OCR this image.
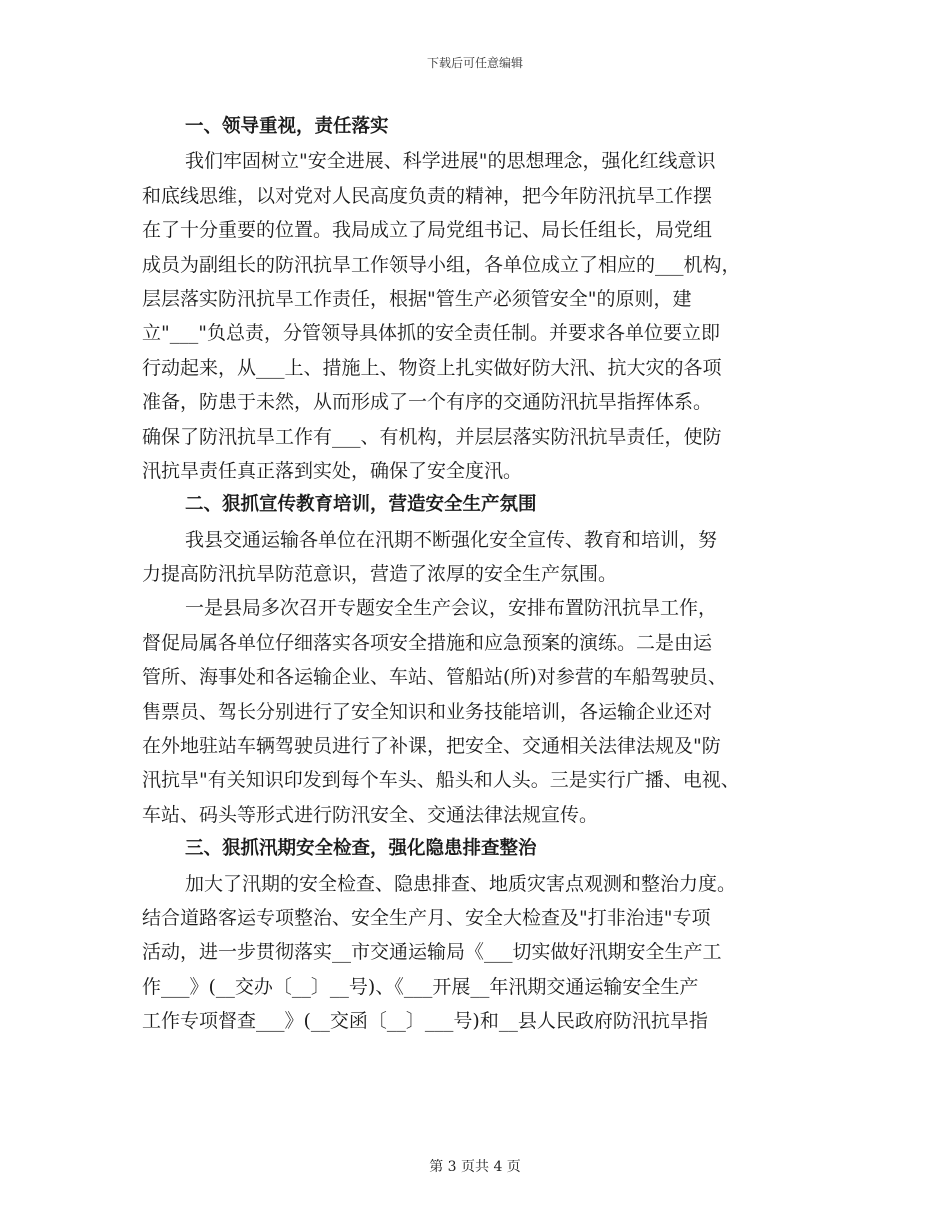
下载后可任意编辑
一、领导重视，责任落实
我们牢固树立"安全进展、科学进展"的思想理念，强化红线意识
和底线思维，以对党对人民高度负责的精神，把今年防汛抗旱工作摆
在了十分重要的位置。我局成立了局党组书记、局长任组长，局党组
成员为副组长的防汛抗旱工作领导小组，各单位成立了相应的___机构，
层层落实防汛抗旱工作责任，根据"管生产必须管安全"的原则，建
立"___"负总责，分管领导具体抓的安全责任制。并要求各单位要立即
行动起来，从___上、措施上、物资上扎实做好防大汛、抗大灾的各项
准备，防患于未然，从而形成了一个有序的交通防汛抗旱指挥体系。
确保了防汛抗旱工作有___、有机构，并层层落实防汛抗旱责任，使防
汛抗旱责任真正落到实处，确保了安全度汛。
二、狠抓宣传教育培训，营造安全生产氛围
我县交通运输各单位在汛期不断强化安全宣传、教育和培训，努
力提高防汛抗旱防范意识，营造了浓厚的安全生产氛围。
一是县局多次召开专题安全生产会议，安排布置防汛抗旱工作，
督促局属各单位仔细落实各项安全措施和应急预案的演练。二是由运
管所、海事处和各运输企业、车站、管船站(所)对参营的车船驾驶员、
售票员、驾长分别进行了安全知识和业务技能培训，各运输企业还对
在外地驻站车辆驾驶员进行了补课，把安全、交通相关法律法规及"防
汛抗旱"有关知识印发到每个车头、船头和人头。三是实行广播、电视、
车站、码头等形式进行防汛安全、交通法律法规宣传。
三、狠抓汛期安全检查，强化隐患排查整治
加大了汛期的安全检查、隐患排查、地质灾害点观测和整治力度。
结合道路客运专项整治、安全生产月、安全大检查及"打非治违"专项
活动，进一步贯彻落实__市交通运输局《___切实做好汛期安全生产工
作___》(__交办〔__〕__号)、《___开展__年汛期交通运输安全生产
工作专项督查___》(__交函〔__〕___号)和__县人民政府防汛抗旱指
第 3 页共 4 页
